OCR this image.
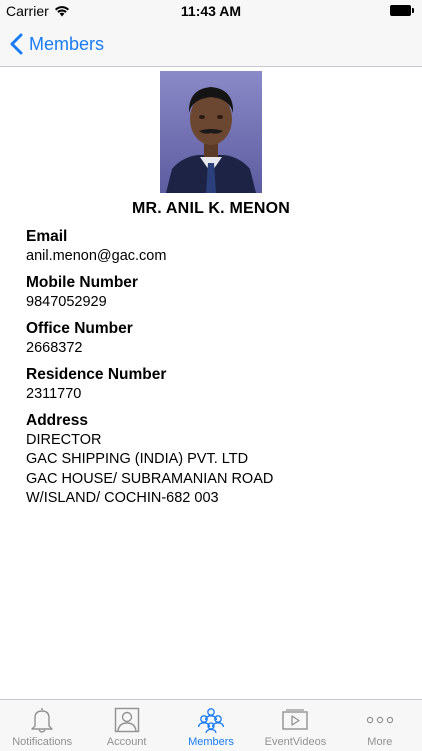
Carrier	11:43 AM
Members
MR. ANIL K. MENON
Email
anil.menon@gac.com
Mobile Number
9847052929
Office Number
2668372
Residence Number
2311770
Address
DIRECTOR
GAC SHIPPING (INDIA) PVT. LTD
GAC HOUSE/ SUBRAMANIAN ROAD
W/ISLAND/ COCHIN-682 003
Notifications	Account	Members	EventVideos	More
